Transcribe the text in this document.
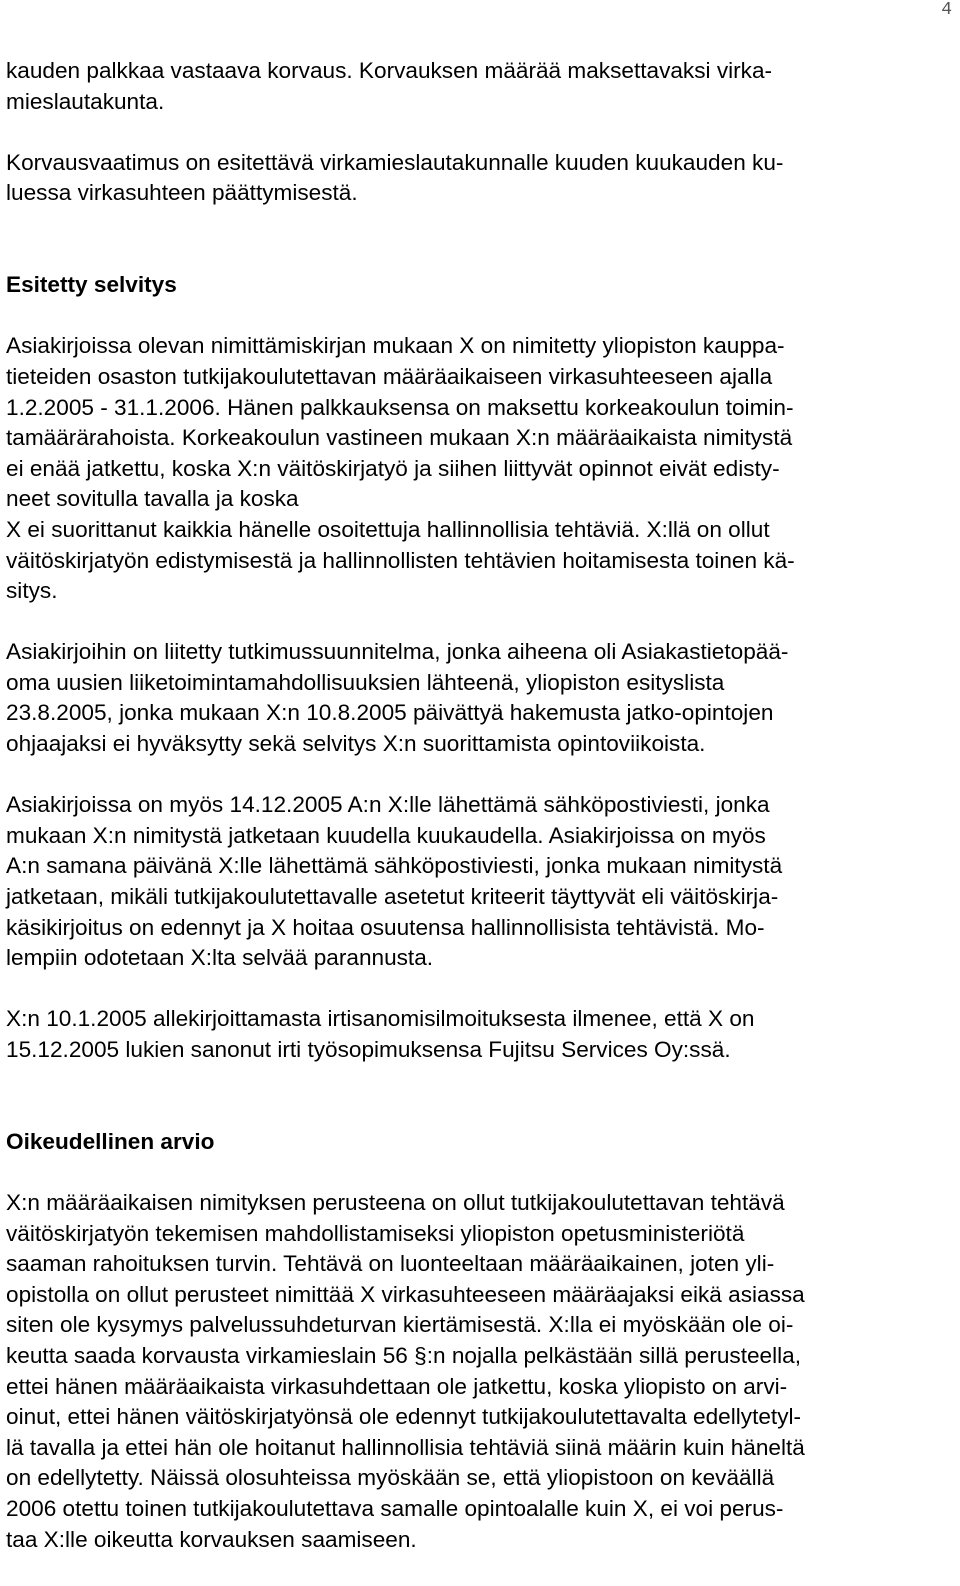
4
kauden palkkaa vastaava korvaus. Korvauksen määrää maksettavaksi virka-
mieslautakunta.
Korvausvaatimus on esitettävä virkamieslautakunnalle kuuden kuukauden ku-
luessa virkasuhteen päättymisestä.
Esitetty selvitys
Asiakirjoissa olevan nimittämiskirjan mukaan X on nimitetty yliopiston kauppa-
tieteiden osaston tutkijakoulutettavan määräaikaiseen virkasuhteeseen ajalla
1.2.2005 - 31.1.2006. Hänen palkkauksensa on maksettu korkeakoulun toimin-
tamäärärahoista. Korkeakoulun vastineen mukaan X:n määräaikaista nimitystä
ei enää jatkettu, koska X:n väitöskirjatyö ja siihen liittyvät opinnot eivät edisty-
neet sovitulla tavalla ja koska
X ei suorittanut kaikkia hänelle osoitettuja hallinnollisia tehtäviä. X:llä on ollut
väitöskirjatyön edistymisestä ja hallinnollisten tehtävien hoitamisesta toinen kä-
sitys.
Asiakirjoihin on liitetty tutkimussuunnitelma, jonka aiheena oli Asiakastietopää-
oma uusien liiketoimintamahdollisuuksien lähteenä, yliopiston esityslista
23.8.2005, jonka mukaan X:n 10.8.2005 päivättyä hakemusta jatko-opintojen
ohjaajaksi ei hyväksytty sekä selvitys X:n suorittamista opintoviikoista.
Asiakirjoissa on myös 14.12.2005 A:n X:lle lähettämä sähköpostiviesti, jonka
mukaan X:n nimitystä jatketaan kuudella kuukaudella. Asiakirjoissa on myös
A:n samana päivänä X:lle lähettämä sähköpostiviesti, jonka mukaan nimitystä
jatketaan, mikäli tutkijakoulutettavalle asetetut kriteerit täyttyvät eli väitöskirja-
käsikirjoitus on edennyt ja X hoitaa osuutensa hallinnollisista tehtävistä. Mo-
lempiin odotetaan X:lta selvää parannusta.
X:n 10.1.2005 allekirjoittamasta irtisanomisilmoituksesta ilmenee, että X on
15.12.2005 lukien sanonut irti työsopimuksensa Fujitsu Services Oy:ssä.
Oikeudellinen arvio
X:n määräaikaisen nimityksen perusteena on ollut tutkijakoulutettavan tehtävä
väitöskirjatyön tekemisen mahdollistamiseksi yliopiston opetusministeriötä
saaman rahoituksen turvin. Tehtävä on luonteeltaan määräaikainen, joten yli-
opistolla on ollut perusteet nimittää X virkasuhteeseen määräajaksi eikä asiassa
siten ole kysymys palvelussuhdeturvan kiertämisestä. X:lla ei myöskään ole oi-
keutta saada korvausta virkamieslain 56 §:n nojalla pelkästään sillä perusteella,
ettei hänen määräaikaista virkasuhdettaan ole jatkettu, koska yliopisto on arvi-
oinut, ettei hänen väitöskirjatyönsä ole edennyt tutkijakoulutettavalta edellytetyl-
lä tavalla ja ettei hän ole hoitanut hallinnollisia tehtäviä siinä määrin kuin häneltä
on edellytetty. Näissä olosuhteissa myöskään se, että yliopistoon on keväällä
2006 otettu toinen tutkijakoulutettava samalle opintoalalle kuin X, ei voi perus-
taa X:lle oikeutta korvauksen saamiseen.
